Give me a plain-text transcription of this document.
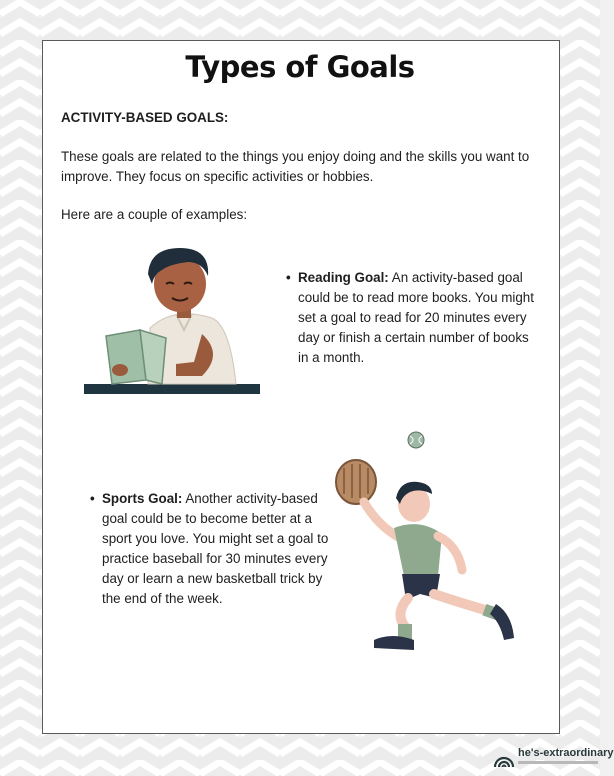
Types of Goals
ACTIVITY-BASED GOALS:
These goals are related to the things you enjoy doing and the skills you want to improve. They focus on specific activities or hobbies.
Here are a couple of examples:
• Reading Goal: An activity-based goal could be to read more books. You might set a goal to read for 20 minutes every day or finish a certain number of books in a month.
• Sports Goal: Another activity-based goal could be to become better at a sport you love. You might set a goal to practice baseball for 30 minutes every day or learn a new basketball trick by the end of the week.
he's-extraordinary
